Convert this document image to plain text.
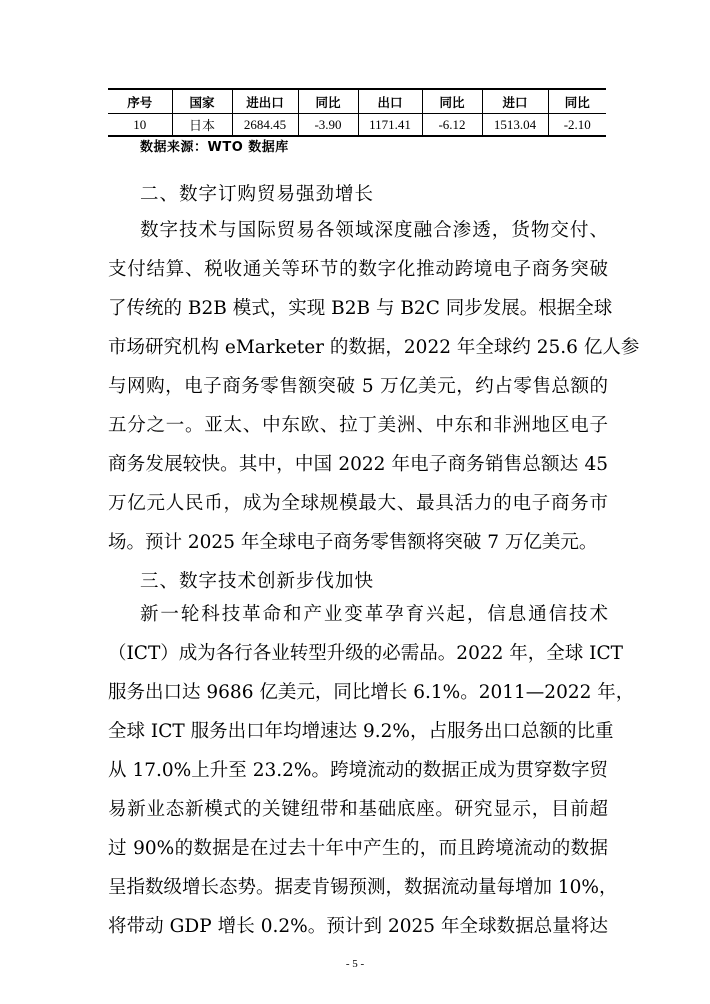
序号	国家	进出口	同比	出口	同比	进口	同比
10	日本	2684.45	-3.90	1171.41	-6.12	1513.04	-2.10
数据来源：WTO 数据库
二、数字订购贸易强劲增长
数字技术与国际贸易各领域深度融合渗透，货物交付、
支付结算、税收通关等环节的数字化推动跨境电子商务突破
了传统的 B2B 模式，实现 B2B 与 B2C 同步发展。根据全球
市场研究机构 eMarketer 的数据，2022 年全球约 25.6 亿人参
与网购，电子商务零售额突破 5 万亿美元，约占零售总额的
五分之一。亚太、中东欧、拉丁美洲、中东和非洲地区电子
商务发展较快。其中，中国 2022 年电子商务销售总额达 45
万亿元人民币，成为全球规模最大、最具活力的电子商务市
场。预计 2025 年全球电子商务零售额将突破 7 万亿美元。
三、数字技术创新步伐加快
新一轮科技革命和产业变革孕育兴起，信息通信技术
（ICT）成为各行各业转型升级的必需品。2022 年，全球 ICT
服务出口达 9686 亿美元，同比增长 6.1%。2011—2022 年，
全球 ICT 服务出口年均增速达 9.2%，占服务出口总额的比重
从 17.0%上升至 23.2%。跨境流动的数据正成为贯穿数字贸
易新业态新模式的关键纽带和基础底座。研究显示，目前超
过 90%的数据是在过去十年中产生的，而且跨境流动的数据
呈指数级增长态势。据麦肯锡预测，数据流动量每增加 10%，
将带动 GDP 增长 0.2%。预计到 2025 年全球数据总量将达
- 5 -
